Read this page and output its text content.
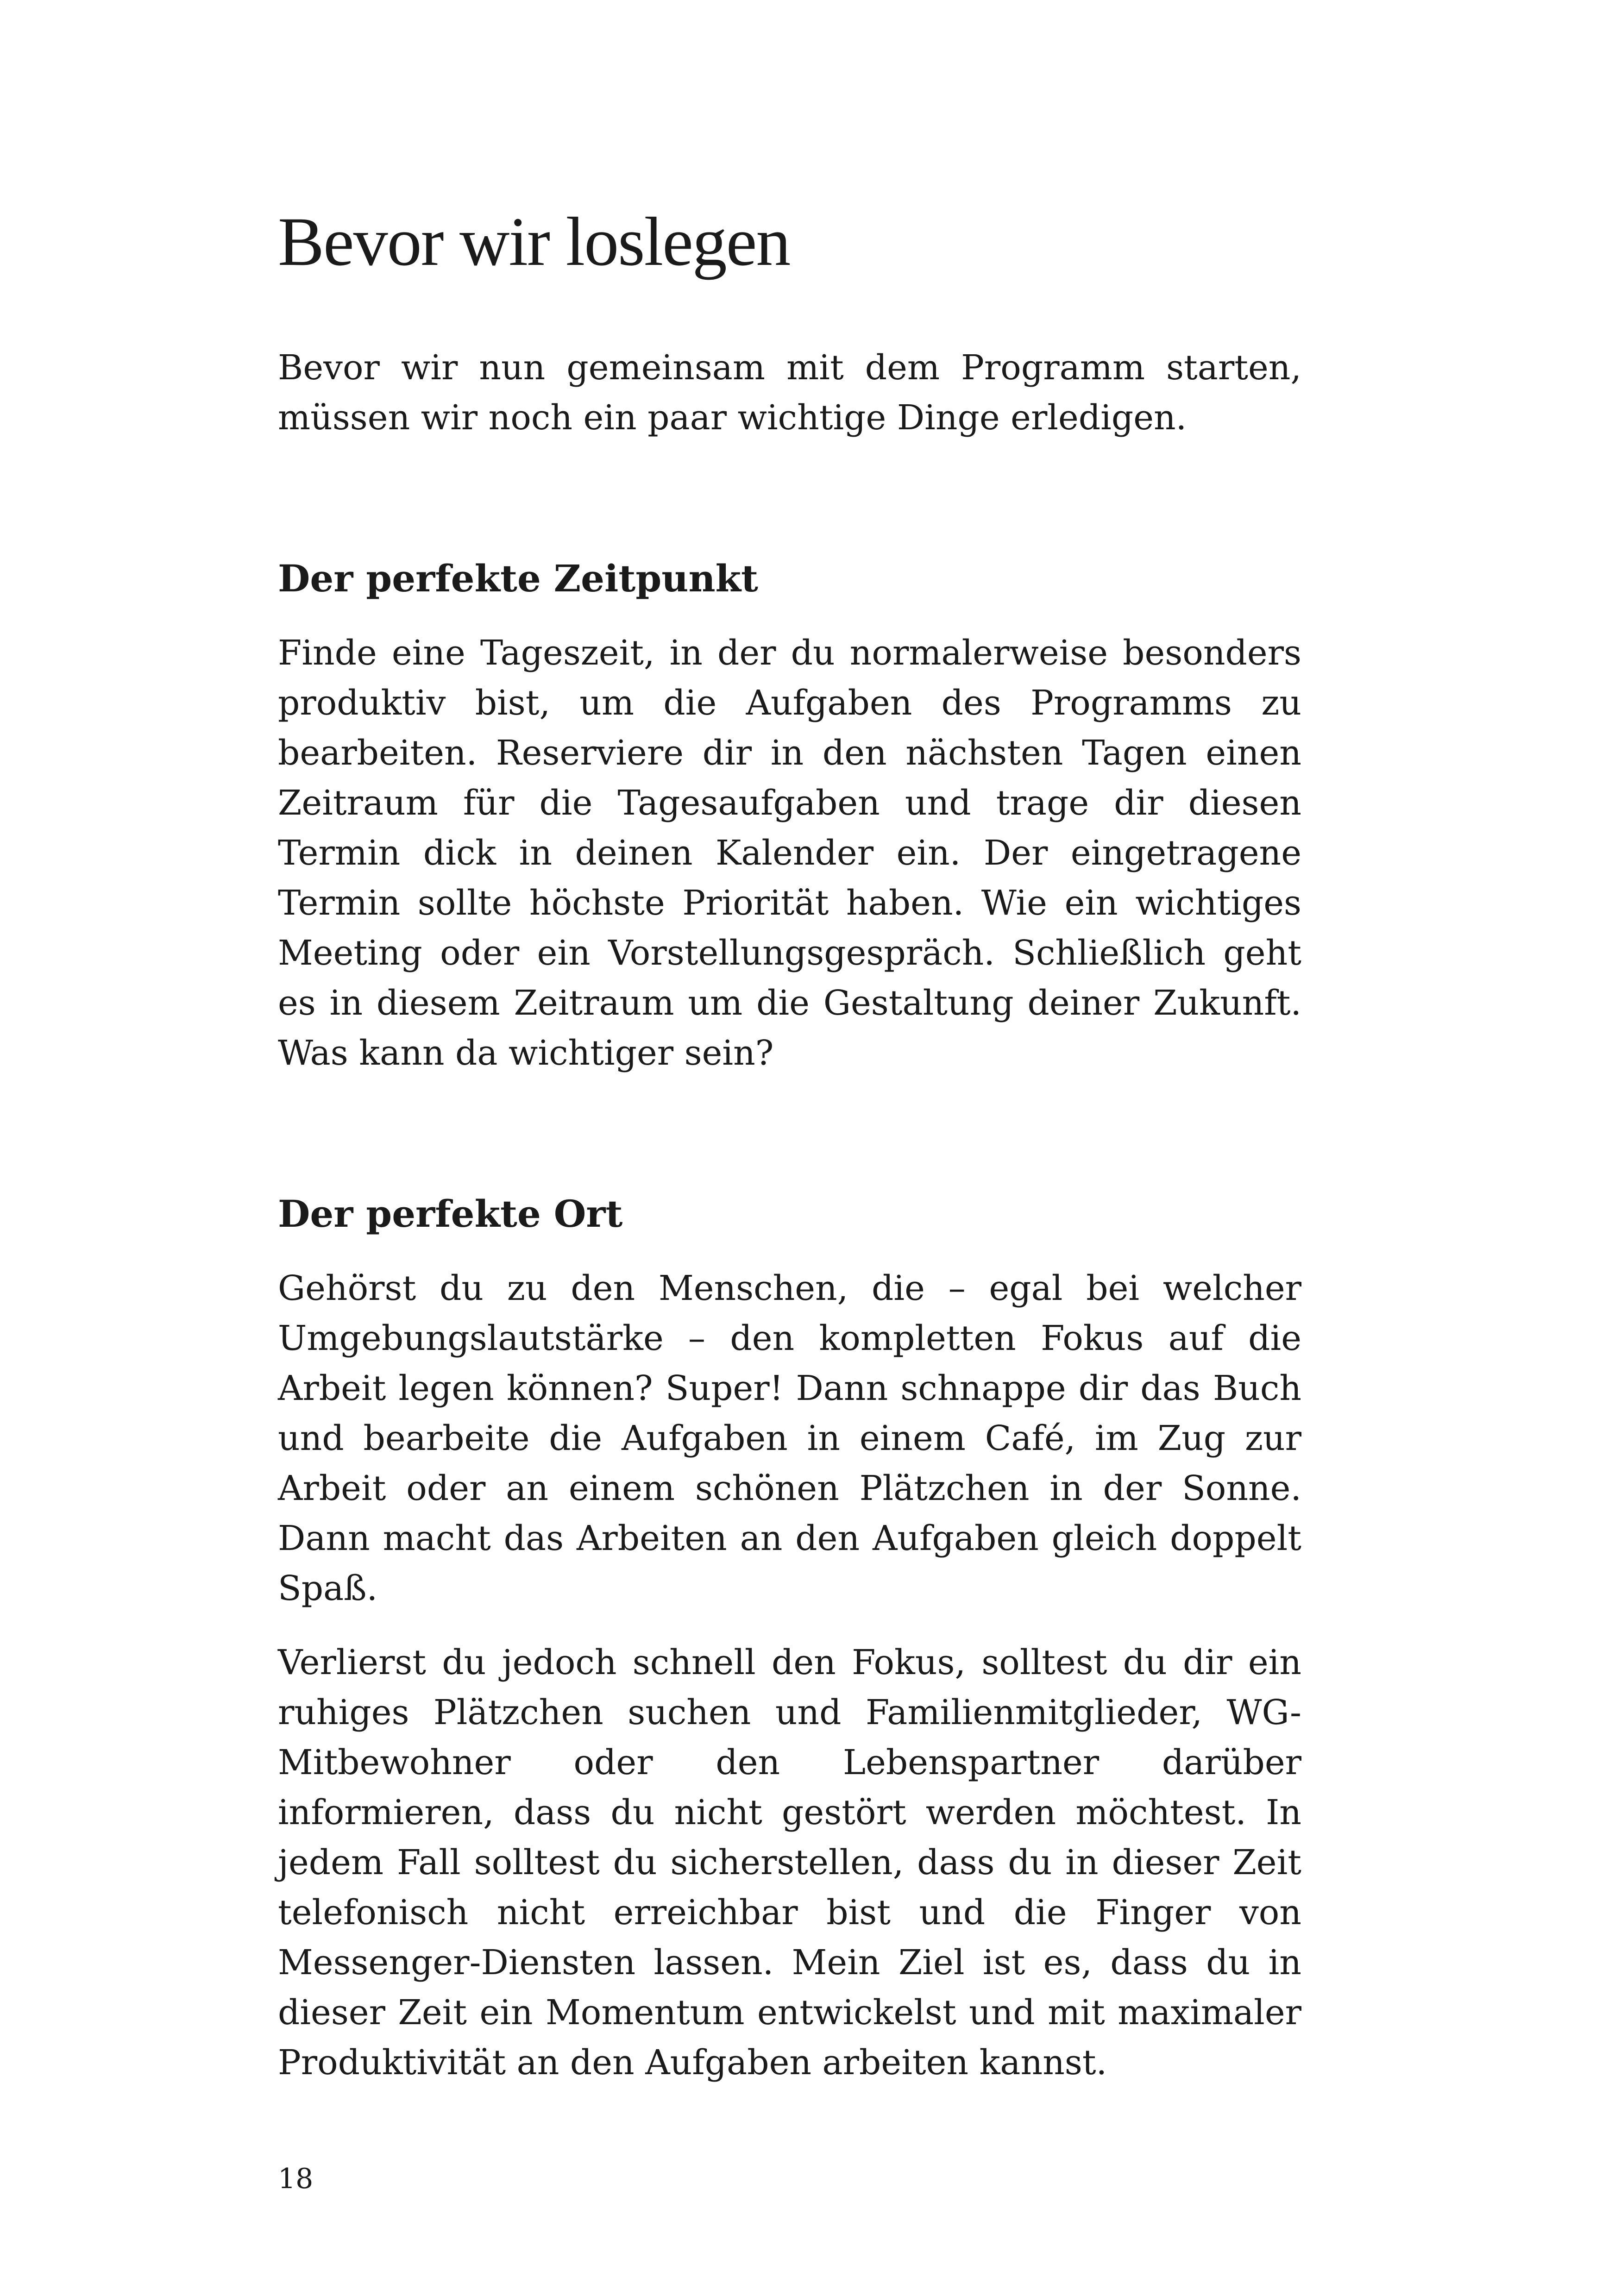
Bevor wir loslegen

Bevor wir nun gemeinsam mit dem Programm starten, müssen wir noch ein paar wichtige Dinge erledigen.

Der perfekte Zeitpunkt

Finde eine Tageszeit, in der du normalerweise besonders produktiv bist, um die Aufgaben des Programms zu bearbeiten. Reserviere dir in den nächsten Tagen einen Zeitraum für die Tagesaufgaben und trage dir diesen Termin dick in deinen Kalender ein. Der eingetragene Termin sollte höchste Priorität haben. Wie ein wichtiges Meeting oder ein Vorstellungsgespräch. Schließlich geht es in diesem Zeitraum um die Gestaltung deiner Zukunft. Was kann da wichtiger sein?

Der perfekte Ort

Gehörst du zu den Menschen, die – egal bei welcher Umgebungslautstärke – den kompletten Fokus auf die Arbeit legen können? Super! Dann schnappe dir das Buch und bearbeite die Aufgaben in einem Café, im Zug zur Arbeit oder an einem schönen Plätzchen in der Sonne. Dann macht das Arbeiten an den Aufgaben gleich doppelt Spaß.

Verlierst du jedoch schnell den Fokus, solltest du dir ein ruhiges Plätzchen suchen und Familienmitglieder, WG-Mitbewohner oder den Lebenspartner darüber informieren, dass du nicht gestört werden möchtest. In jedem Fall solltest du sicherstellen, dass du in dieser Zeit telefonisch nicht erreichbar bist und die Finger von Messenger-Diensten lassen. Mein Ziel ist es, dass du in dieser Zeit ein Momentum entwickelst und mit maximaler Produktivität an den Aufgaben arbeiten kannst.

18
